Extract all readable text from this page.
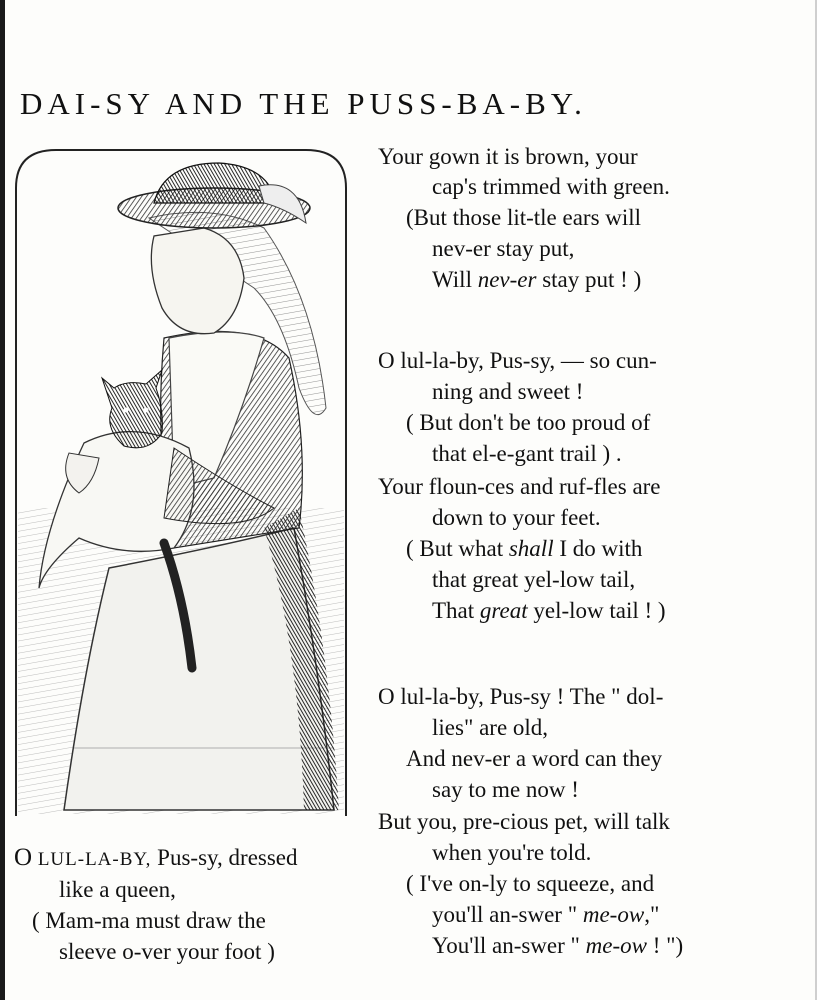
DAI-SY AND THE PUSS-BA-BY.
O LUL-LA-BY, Pus-sy, dressed
like a queen,
( Mam-ma must draw the
sleeve o-ver your foot )
Your gown it is brown, your
cap's trimmed with green.
(But those lit-tle ears will
nev-er stay put,
Will nev-er stay put ! )
O lul-la-by, Pus-sy, — so cun-
ning and sweet !
( But don't be too proud of
that el-e-gant trail ) .
Your floun-ces and ruf-fles are
down to your feet.
( But what shall I do with
that great yel-low tail,
That great yel-low tail ! )
O lul-la-by, Pus-sy ! The " dol-
lies" are old,
And nev-er a word can they
say to me now !
But you, pre-cious pet, will talk
when you're told.
( I've on-ly to squeeze, and
you'll an-swer " me-ow,"
You'll an-swer " me-ow ! ")
